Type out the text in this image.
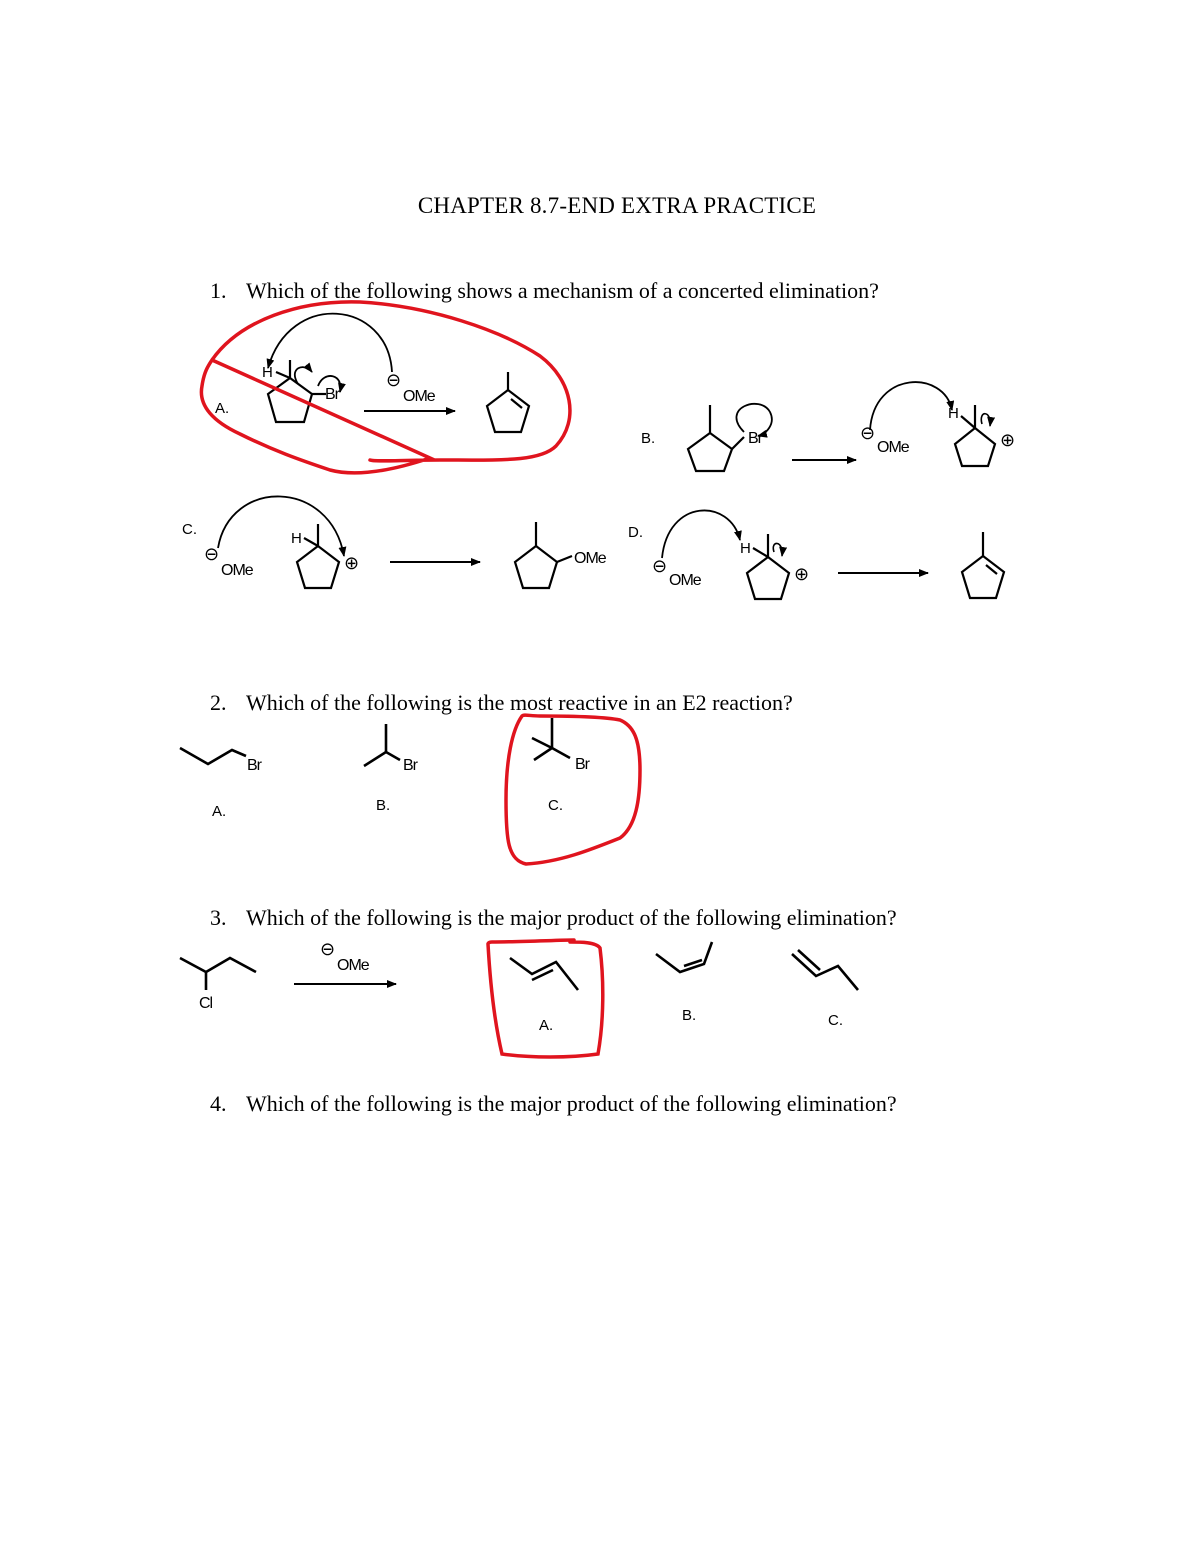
CHAPTER 8.7-END EXTRA PRACTICE
1. Which of the following shows a mechanism of a concerted elimination?
2. Which of the following is the most reactive in an E2 reaction?
3. Which of the following is the major product of the following elimination?
4. Which of the following is the major product of the following elimination?
A.
H
Br
⊖
OMe
B.	Br	⊖
OMe
H
⊕
C.
⊖
OMe
H
⊕	OMe
D.
⊖
OMe
H
⊕
Br
A.
Br
B.
Br
C.
Cl
⊖
OMe
A.
B.	C.
